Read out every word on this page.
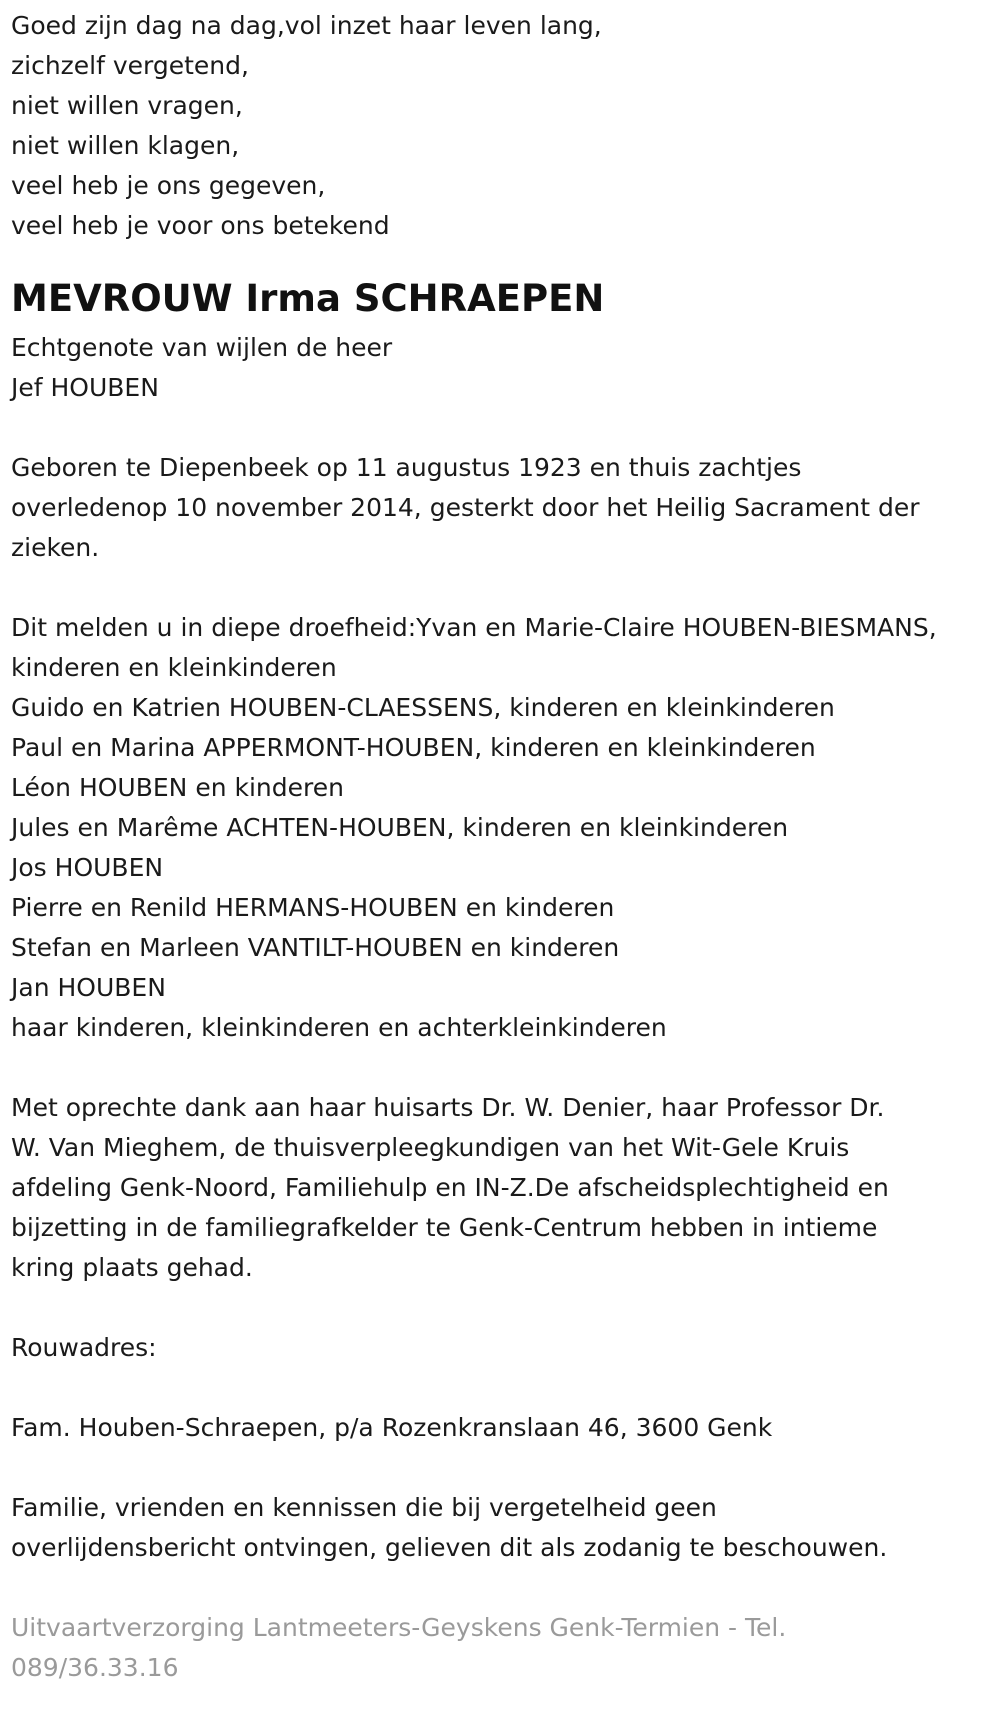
Goed zijn dag na dag,vol inzet haar leven lang,
zichzelf vergetend,
niet willen vragen,
niet willen klagen,
veel heb je ons gegeven,
veel heb je voor ons betekend
MEVROUW Irma SCHRAEPEN
Echtgenote van wijlen de heer
Jef HOUBEN
Geboren te Diepenbeek op 11 augustus 1923 en thuis zachtjes
overledenop 10 november 2014, gesterkt door het Heilig Sacrament der
zieken.
Dit melden u in diepe droefheid:Yvan en Marie-Claire HOUBEN-BIESMANS,
kinderen en kleinkinderen
Guido en Katrien HOUBEN-CLAESSENS, kinderen en kleinkinderen
Paul en Marina APPERMONT-HOUBEN, kinderen en kleinkinderen
Léon HOUBEN en kinderen
Jules en Marême ACHTEN-HOUBEN, kinderen en kleinkinderen
Jos HOUBEN
Pierre en Renild HERMANS-HOUBEN en kinderen
Stefan en Marleen VANTILT-HOUBEN en kinderen
Jan HOUBEN
haar kinderen, kleinkinderen en achterkleinkinderen
Met oprechte dank aan haar huisarts Dr. W. Denier, haar Professor Dr.
W. Van Mieghem, de thuisverpleegkundigen van het Wit-Gele Kruis
afdeling Genk-Noord, Familiehulp en IN-Z.De afscheidsplechtigheid en
bijzetting in de familiegrafkelder te Genk-Centrum hebben in intieme
kring plaats gehad.
Rouwadres:
Fam. Houben-Schraepen, p/a Rozenkranslaan 46, 3600 Genk
Familie, vrienden en kennissen die bij vergetelheid geen
overlijdensbericht ontvingen, gelieven dit als zodanig te beschouwen.
Uitvaartverzorging Lantmeeters-Geyskens Genk-Termien - Tel.
089/36.33.16
